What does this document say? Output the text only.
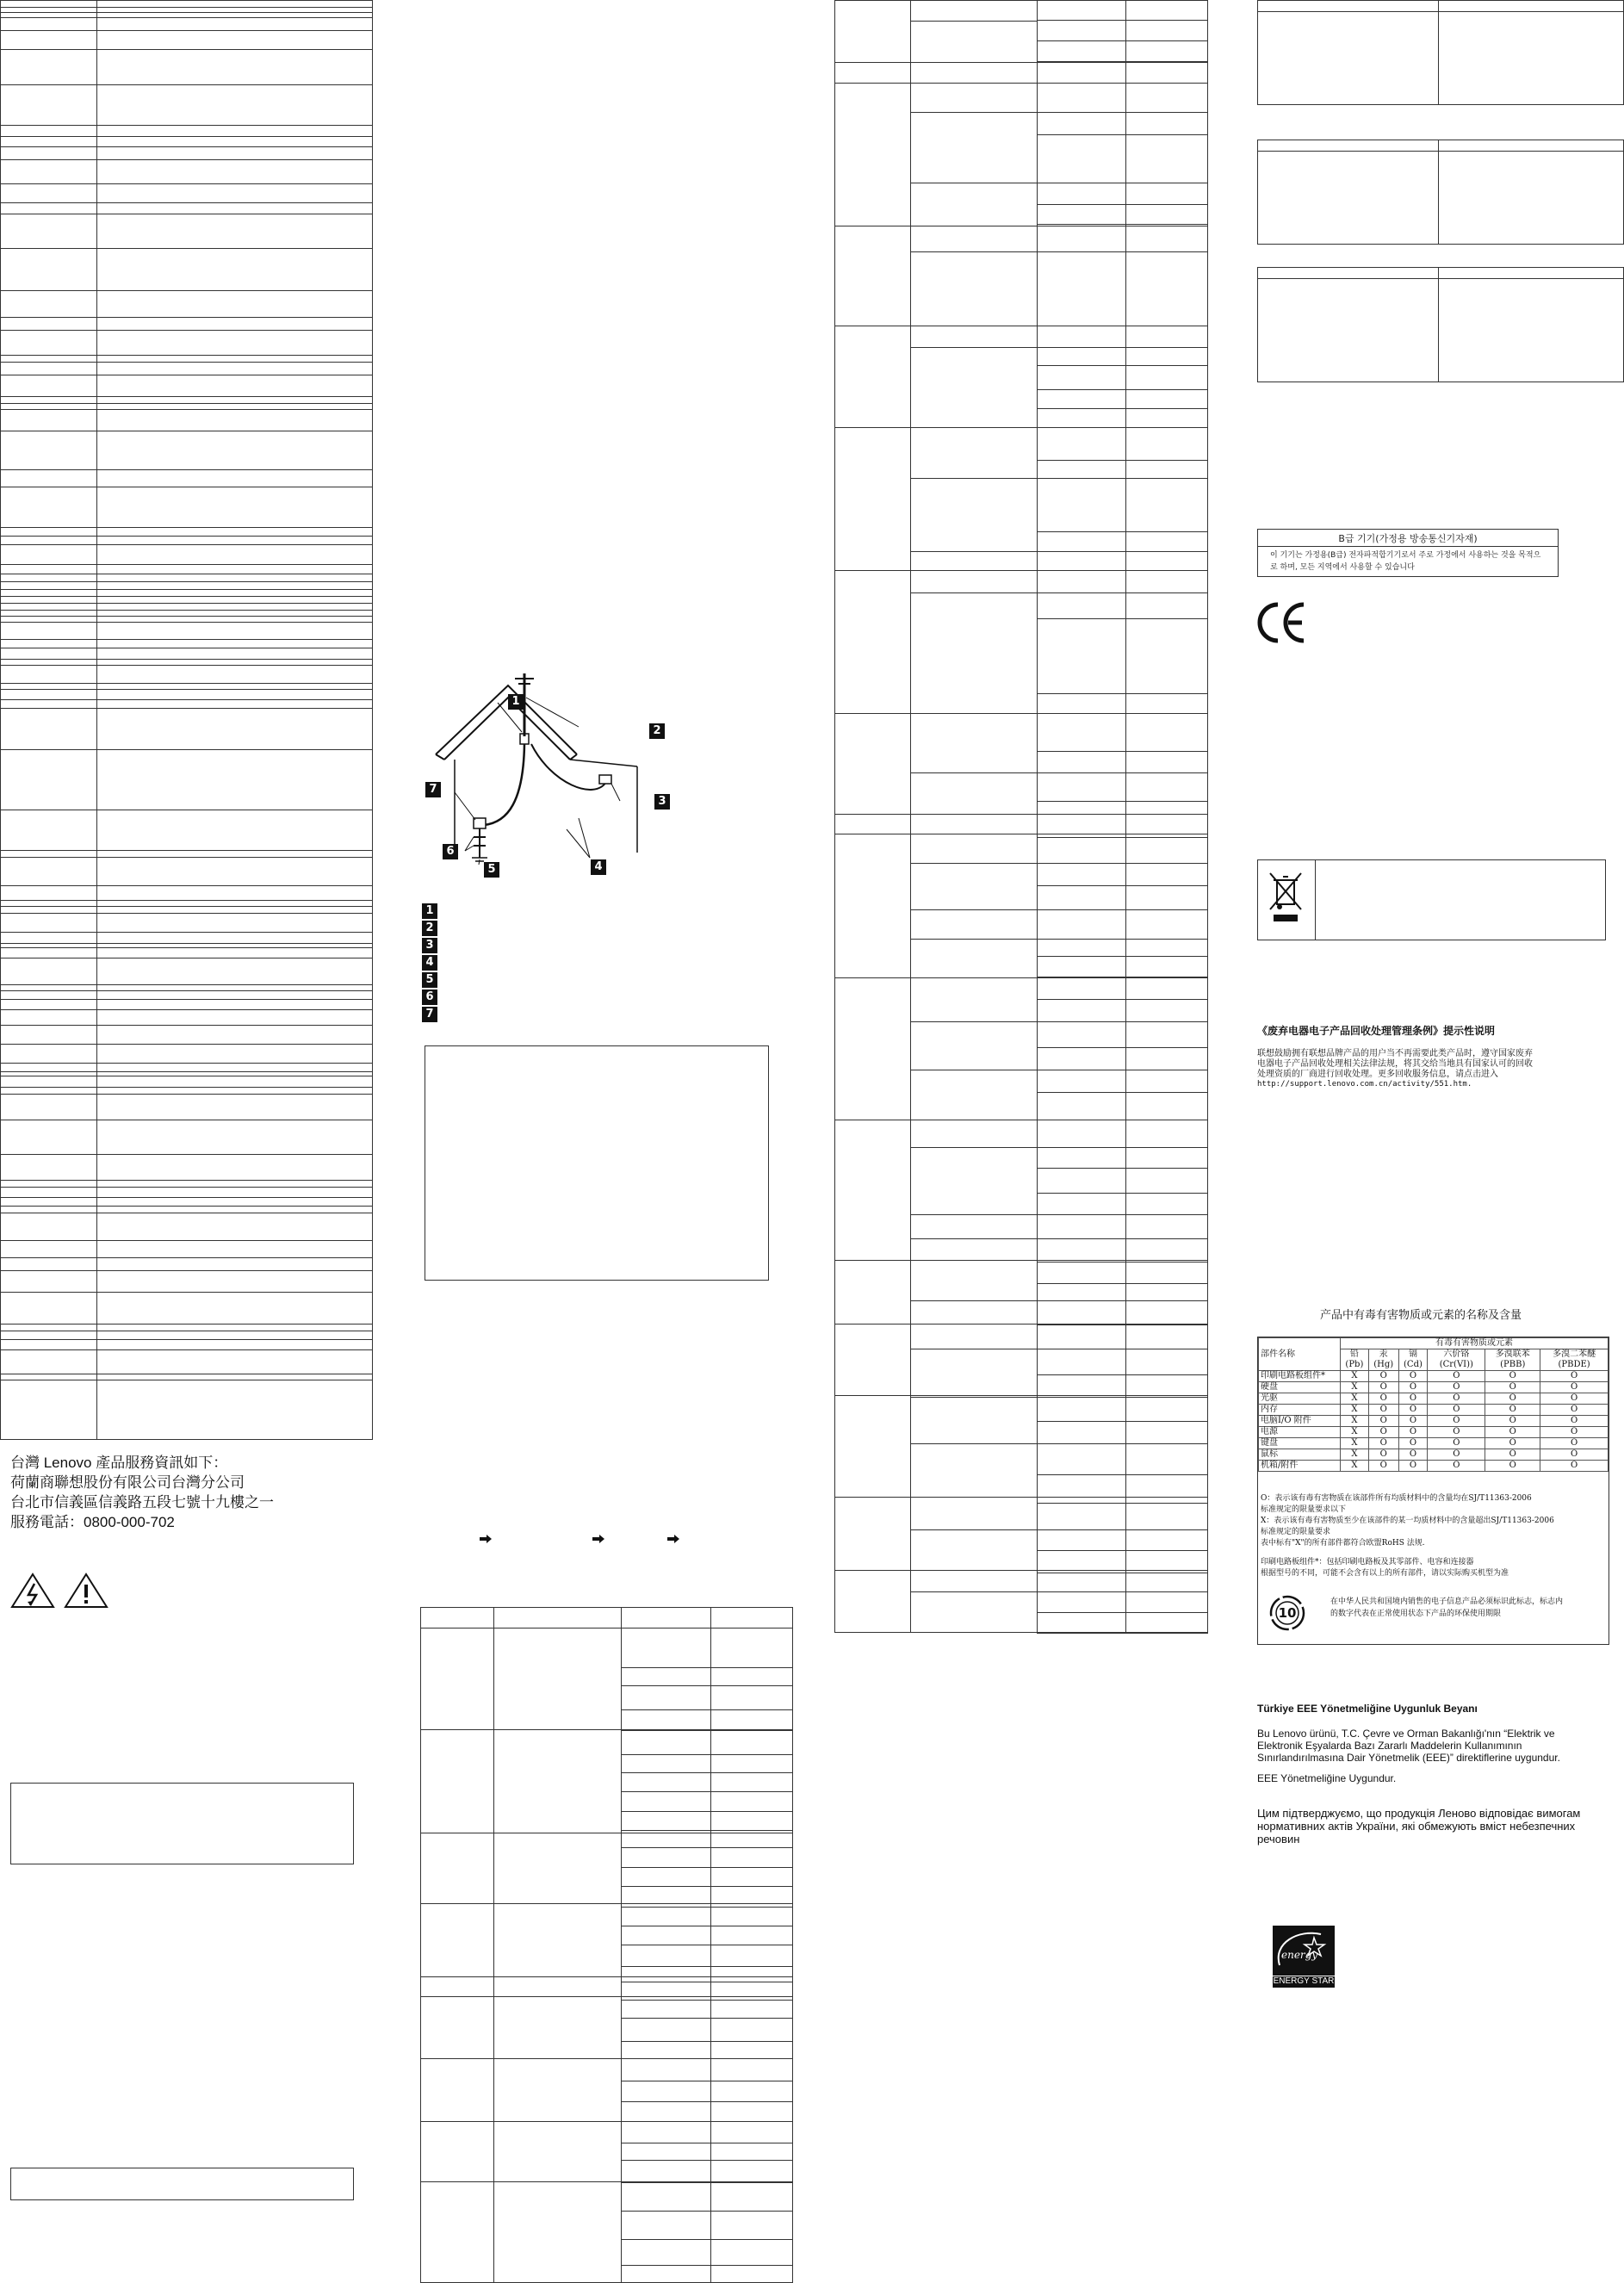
台灣 Lenovo 產品服務資訊如下：
荷蘭商聯想股份有限公司台灣分公司
台北市信義區信義路五段七號十九樓之一
服務電話：0800-000-702
1
2
3
4
5
6
7
1
2
3
4
5
6
7
B급 기기(가정용 방송통신기자재)
이 기기는 가정용(B급) 전자파적합기기로서 주로 가정에서 사용하는 것을 목적으로 하며, 모든 지역에서 사용할 수 있습니다
《废弃电器电子产品回收处理管理条例》提示性说明
联想鼓励拥有联想品牌产品的用户当不再需要此类产品时，遵守国家废弃
电器电子产品回收处理相关法律法规，将其交给当地具有国家认可的回收
处理资质的厂商进行回收处理。更多回收服务信息，请点击进入
http://support.lenovo.com.cn/activity/551.htm.
产品中有毒有害物质或元素的名称及含量
部件名称	有毒有害物质或元素					
	铅(Pb)	汞(Hg)	镉(Cd)	六价铬 (Cr(VI))	多溴联苯 (PBB)	多溴二苯醚 (PBDE)
印刷电路板组件*	X	O	O	O	O	O
硬盘	X	O	O	O	O	O
光驱	X	O	O	O	O	O
内存	X	O	O	O	O	O
电脑I/O 附件	X	O	O	O	O	O
电源	X	O	O	O	O	O
键盘	X	O	O	O	O	O
鼠标	X	O	O	O	O	O
机箱/附件	X	O	O	O	O	O
O：表示该有毒有害物质在该部件所有均质材料中的含量均在SJ/T11363-2006
标准规定的限量要求以下
X：表示该有毒有害物质至少在该部件的某一均质材料中的含量超出SJ/T11363-2006
标准规定的限量要求
表中标有"X"的所有部件都符合欧盟RoHS 法规.
印刷电路板组件*：包括印刷电路板及其零部件、电容和连接器
根据型号的不同，可能不会含有以上的所有部件，请以实际购买机型为准
10
在中华人民共和国境内销售的电子信息产品必须标识此标志，标志内
的数字代表在正常使用状态下产品的环保使用期限
Türkiye EEE Yönetmeliğine Uygunluk Beyanı
Bu Lenovo ürünü, T.C. Çevre ve Orman Bakanlığı'nın “Elektrik ve
Elektronik Eşyalarda Bazı Zararlı Maddelerin Kullanımının
Sınırlandırılmasına Dair Yönetmelik (EEE)” direktiflerine uygundur.
EEE Yönetmeliğine Uygundur.
Цим підтверджуємо, що продукція Леново відповідає вимогам
нормативних актів України, які обмежують вміст небезпечних
речовин
energy
ENERGY STAR
